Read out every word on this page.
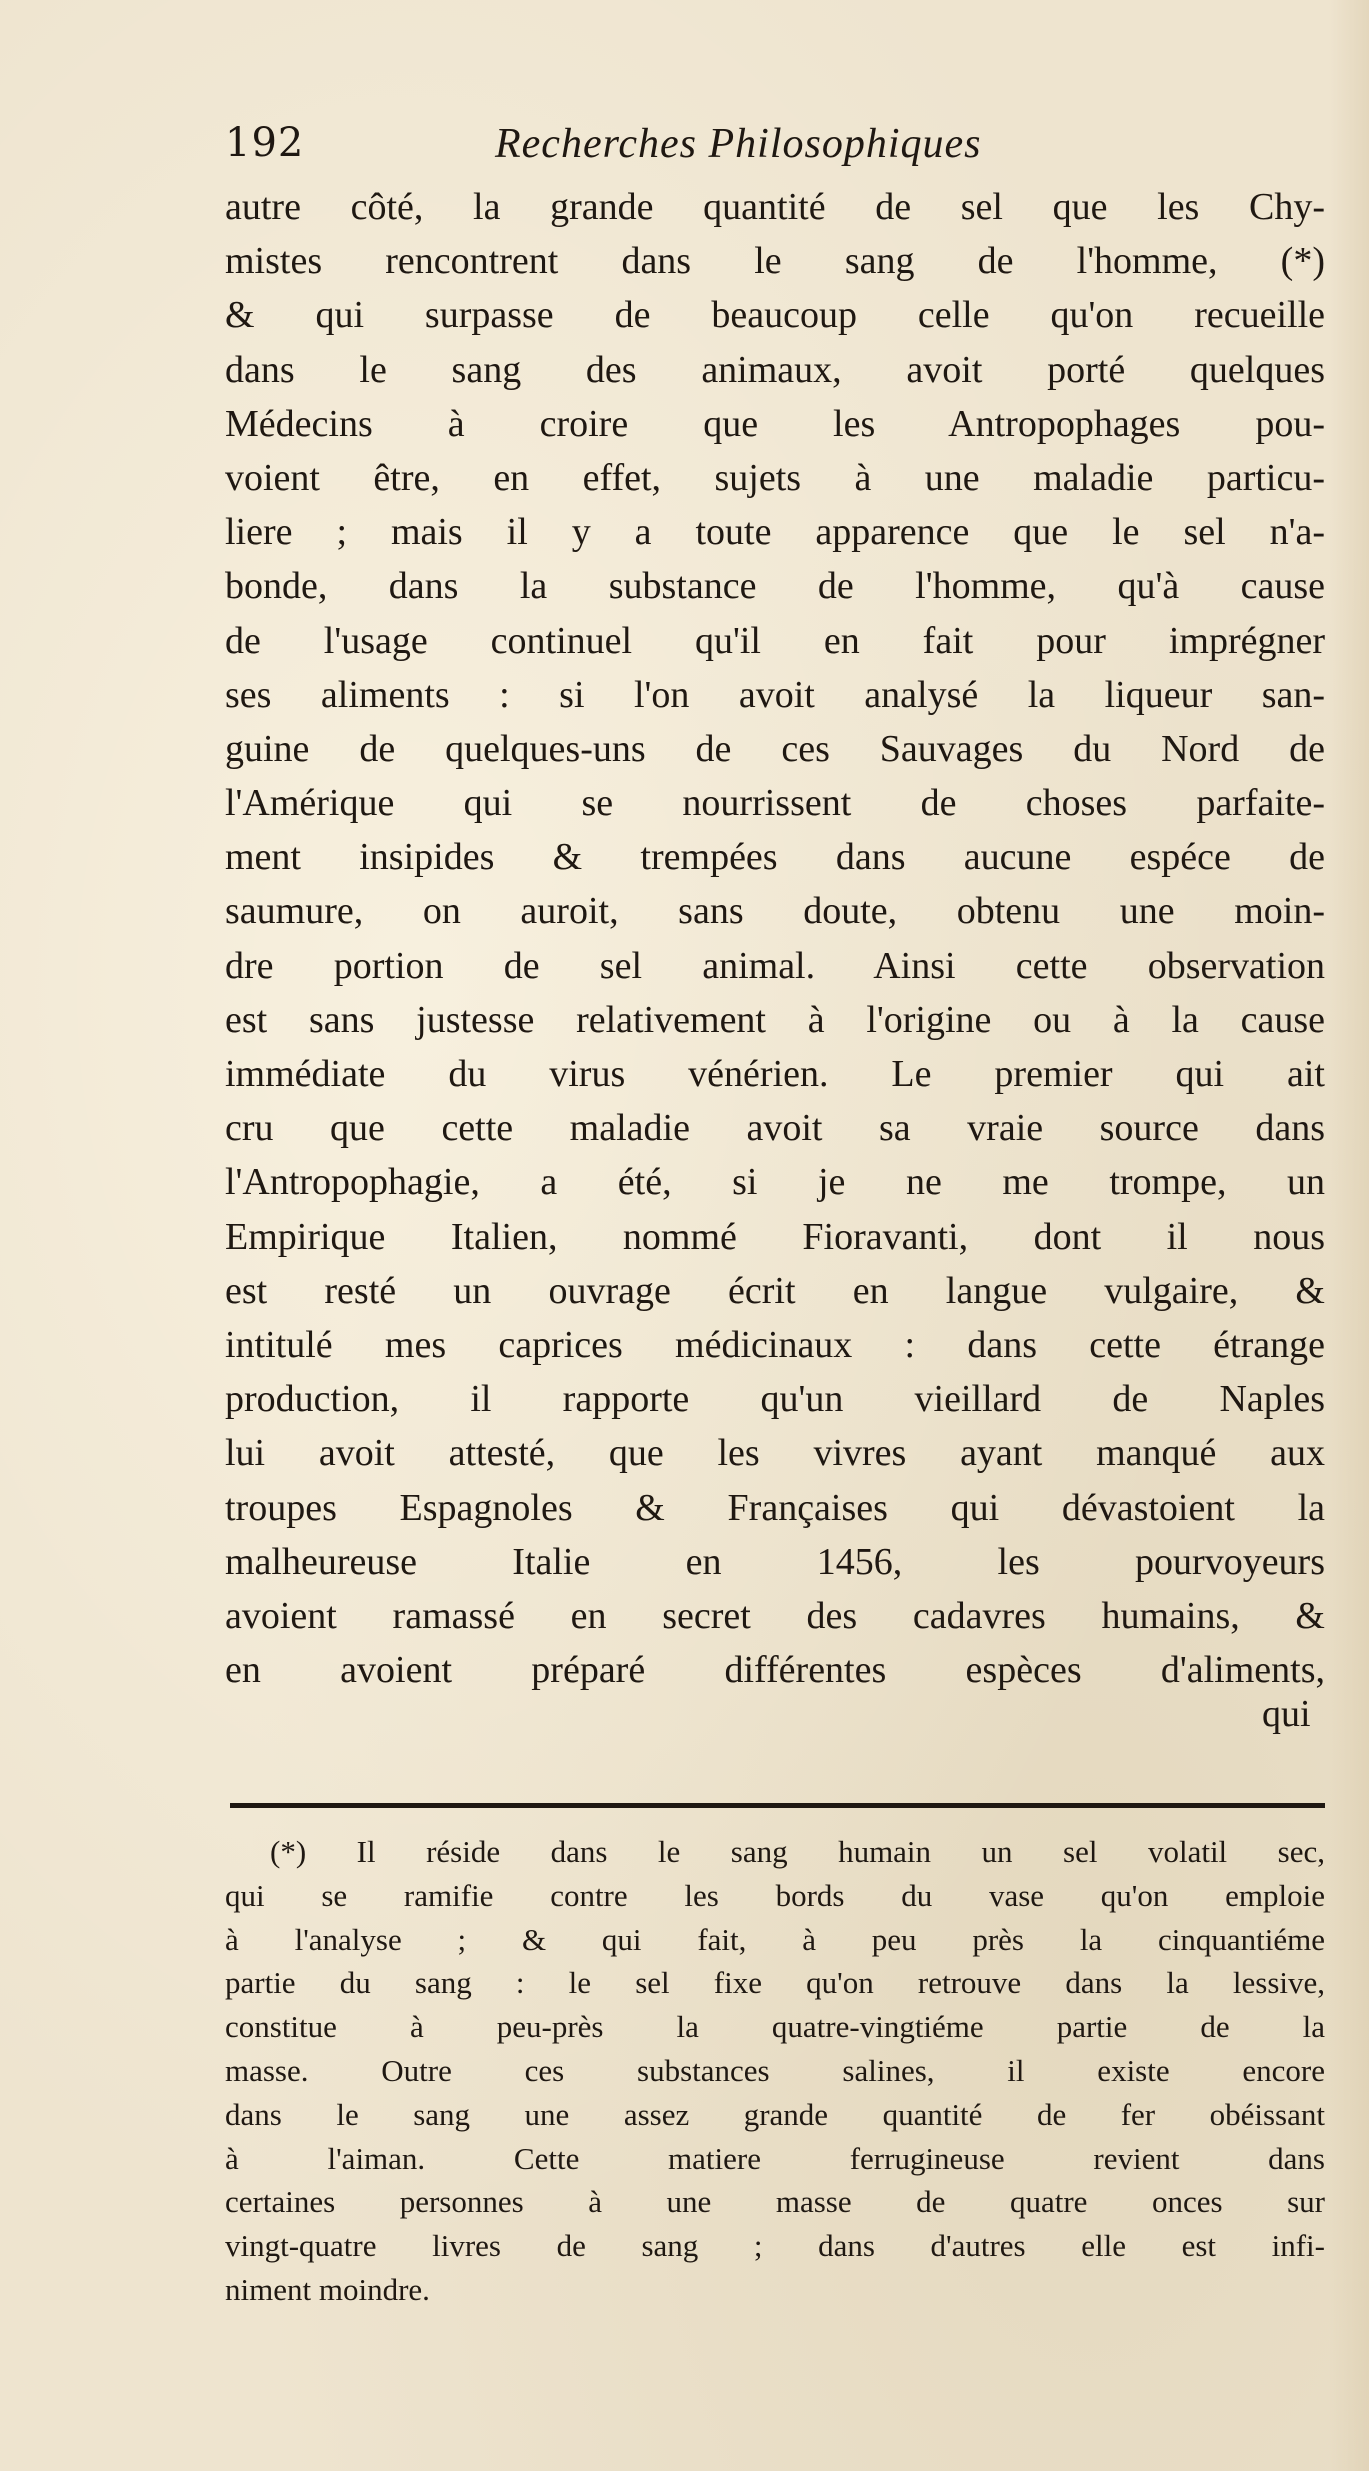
192	Recherches Philosophiques
autre côté, la grande quantité de sel que les Chy-
mistes rencontrent dans le sang de l'homme, (*)
& qui surpasse de beaucoup celle qu'on recueille
dans le sang des animaux, avoit porté quelques
Médecins à croire que les Antropophages pou-
voient être, en effet, sujets à une maladie particu-
liere ; mais il y a toute apparence que le sel n'a-
bonde, dans la substance de l'homme, qu'à cause
de l'usage continuel qu'il en fait pour imprégner
ses aliments : si l'on avoit analysé la liqueur san-
guine de quelques-uns de ces Sauvages du Nord de
l'Amérique qui se nourrissent de choses parfaite-
ment insipides & trempées dans aucune espéce de
saumure, on auroit, sans doute, obtenu une moin-
dre portion de sel animal. Ainsi cette observation
est sans justesse relativement à l'origine ou à la cause
immédiate du virus vénérien. Le premier qui ait
cru que cette maladie avoit sa vraie source dans
l'Antropophagie, a été, si je ne me trompe, un
Empirique Italien, nommé Fioravanti, dont il nous
est resté un ouvrage écrit en langue vulgaire, &
intitulé mes caprices médicinaux : dans cette étrange
production, il rapporte qu'un vieillard de Naples
lui avoit attesté, que les vivres ayant manqué aux
troupes Espagnoles & Françaises qui dévastoient la
malheureuse Italie en 1456, les pourvoyeurs
avoient ramassé en secret des cadavres humains, &
en avoient préparé différentes espèces d'aliments,
qui
(*) Il réside dans le sang humain un sel volatil sec,
qui se ramifie contre les bords du vase qu'on emploie
à l'analyse ; & qui fait, à peu près la cinquantiéme
partie du sang : le sel fixe qu'on retrouve dans la lessive,
constitue à peu-près la quatre-vingtiéme partie de la
masse. Outre ces substances salines, il existe encore
dans le sang une assez grande quantité de fer obéissant
à l'aiman. Cette matiere ferrugineuse revient dans
certaines personnes à une masse de quatre onces sur
vingt-quatre livres de sang ; dans d'autres elle est infi-
niment moindre.
